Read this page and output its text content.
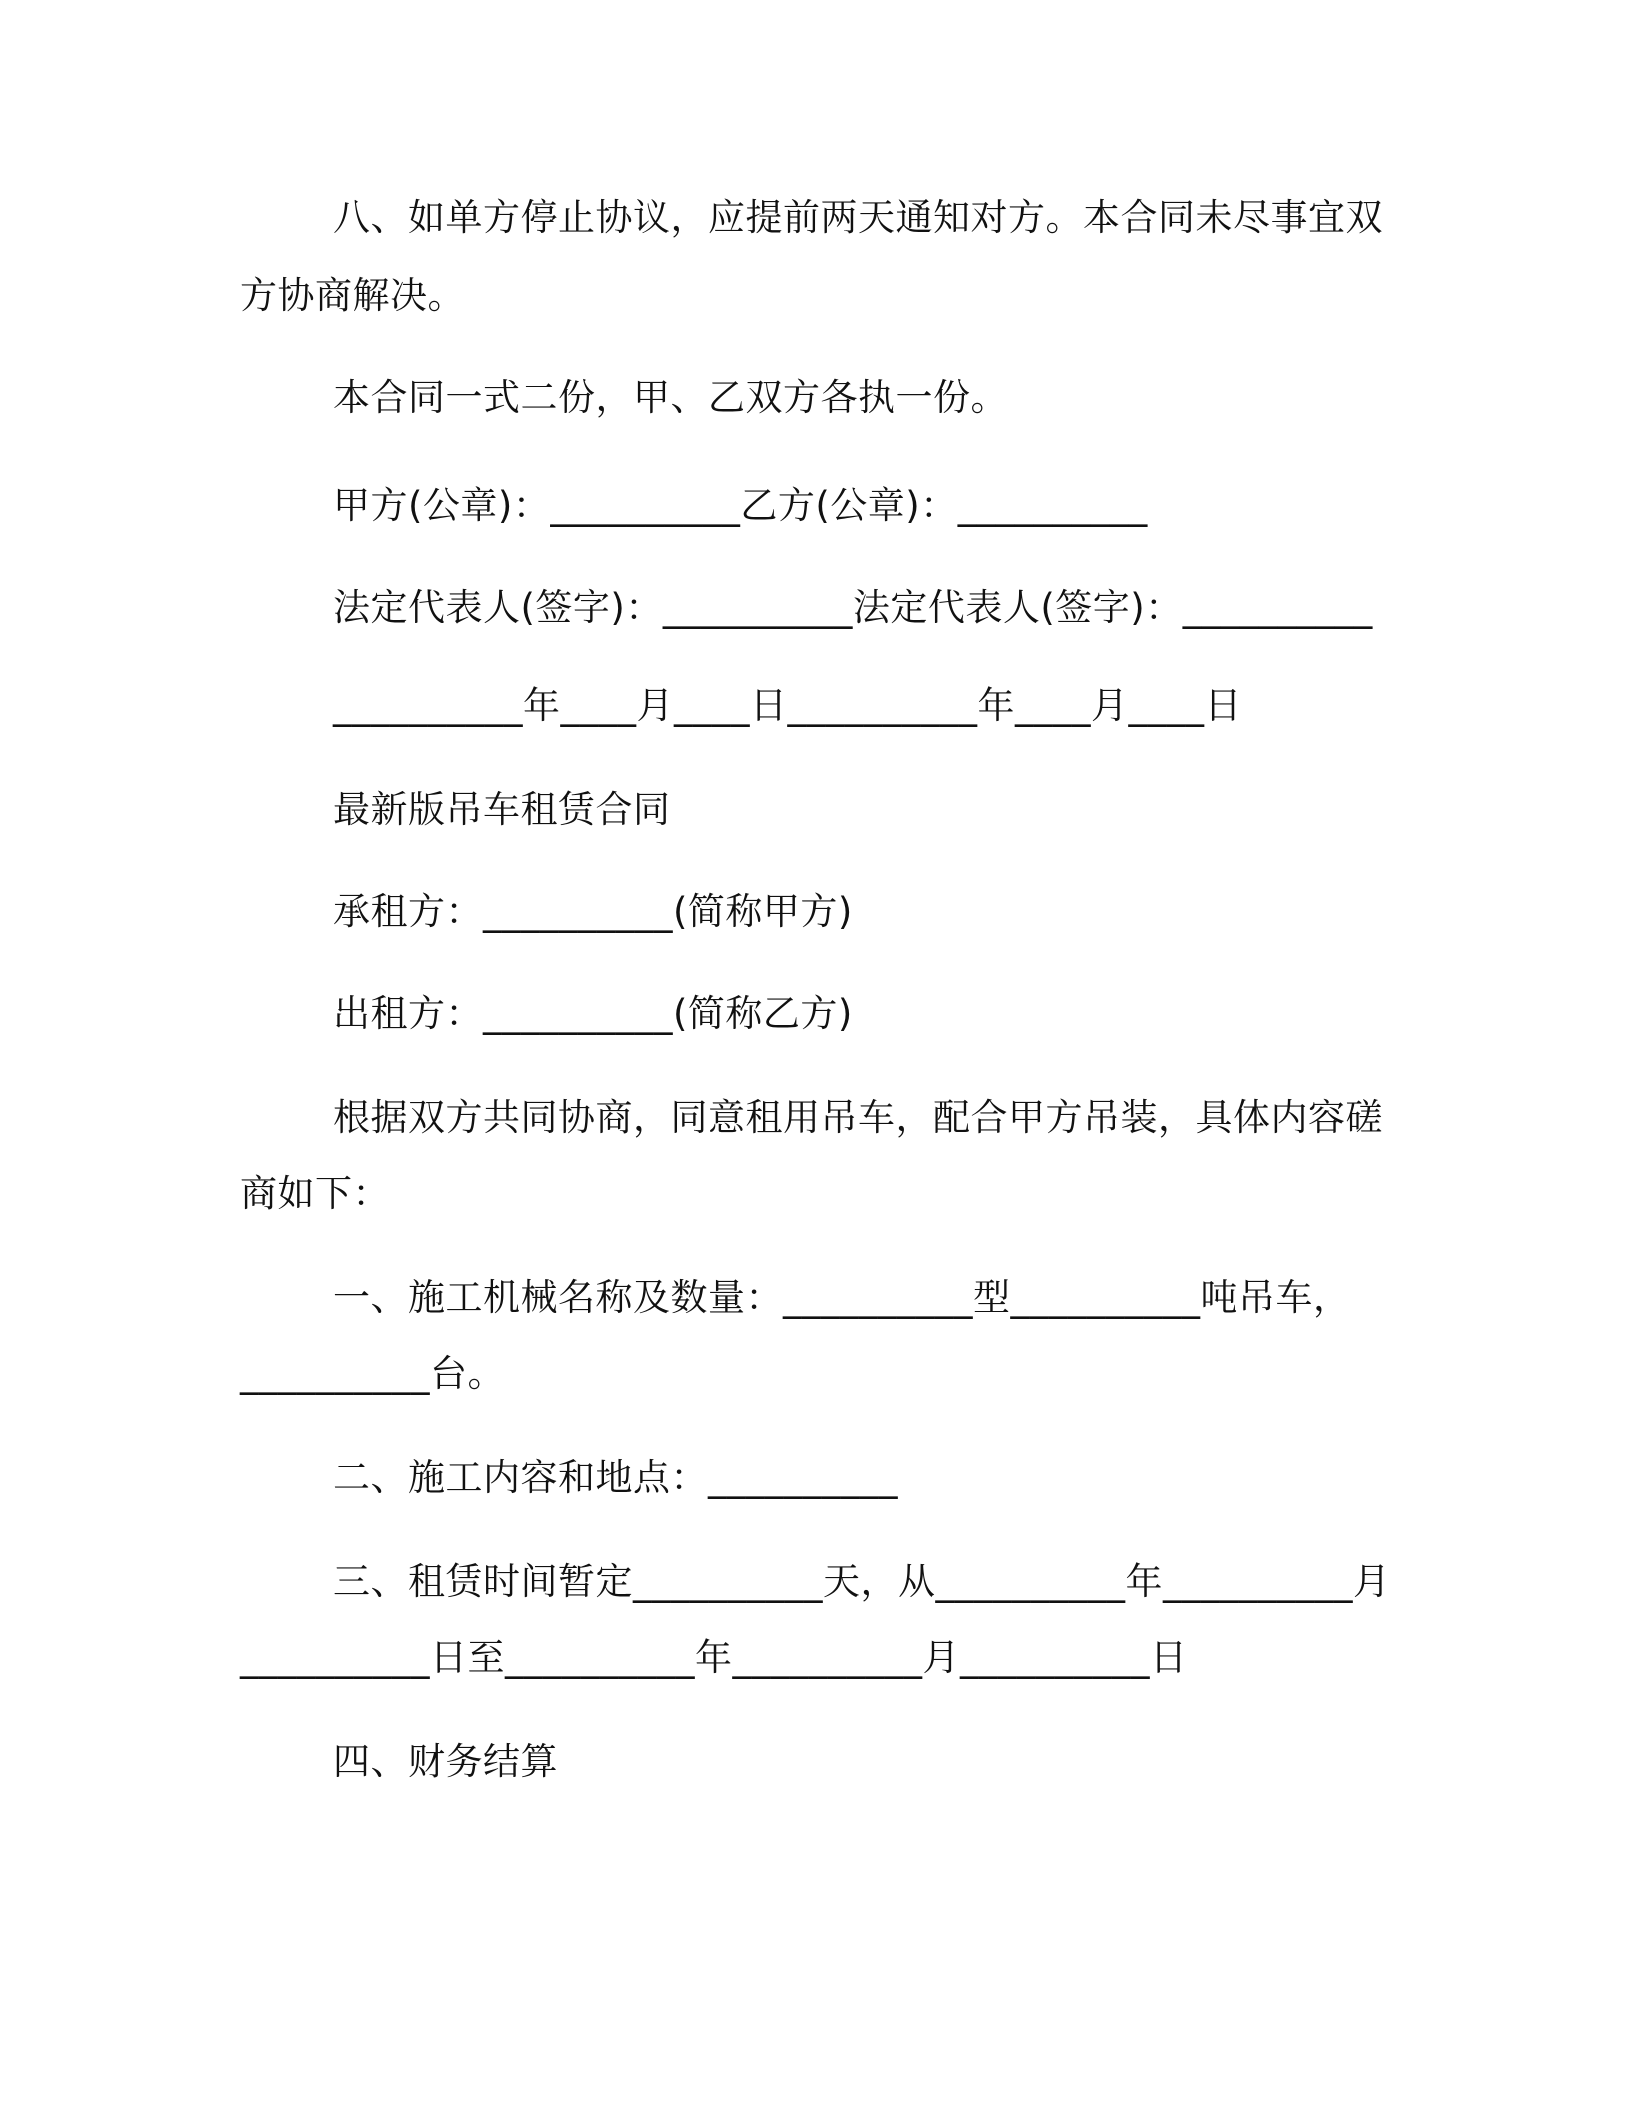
八、如单方停止协议，应提前两天通知对方。本合同未尽事宜双
方协商解决。
本合同一式二份，甲、乙双方各执一份。
甲方(公章)：__________乙方(公章)：__________
法定代表人(签字)：__________法定代表人(签字)：__________
__________年____月____日__________年____月____日
最新版吊车租赁合同
承租方：__________(简称甲方)
出租方：__________(简称乙方)
根据双方共同协商，同意租用吊车，配合甲方吊装，具体内容磋
商如下：
一、施工机械名称及数量：__________型__________吨吊车，
__________台。
二、施工内容和地点：__________
三、租赁时间暂定__________天，从__________年__________月
__________日至__________年__________月__________日
四、财务结算
